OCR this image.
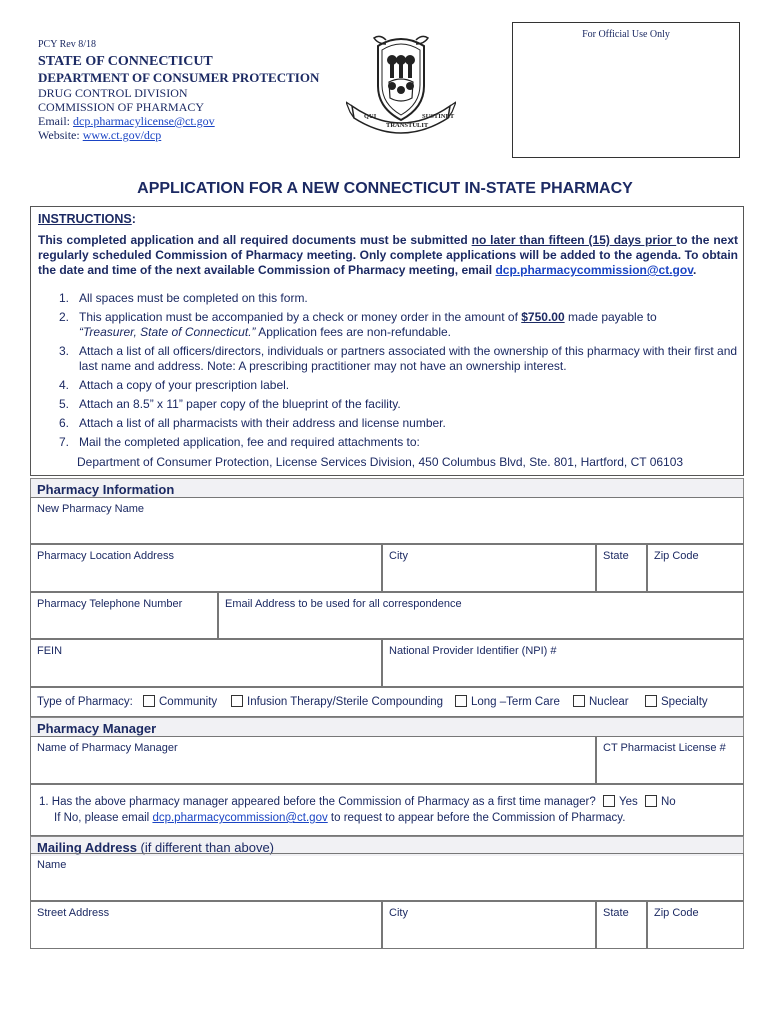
PCY Rev 8/18
STATE OF CONNECTICUT
DEPARTMENT OF CONSUMER PROTECTION
DRUG CONTROL DIVISION
COMMISSION OF PHARMACY
Email: dcp.pharmacylicense@ct.gov
Website: www.ct.gov/dcp
QUI
TRANSTULIT
SUSTINET
For Official Use Only
APPLICATION FOR A NEW CONNECTICUT IN-STATE PHARMACY
INSTRUCTIONS:
This completed application and all required documents must be submitted no later than fifteen (15) days prior to the next regularly scheduled Commission of Pharmacy meeting. Only complete applications will be added to the agenda. To obtain the date and time of the next available Commission of Pharmacy meeting, email dcp.pharmacycommission@ct.gov.
1. All spaces must be completed on this form.
2. This application must be accompanied by a check or money order in the amount of $750.00 made payable to
“Treasurer, State of Connecticut.” Application fees are non-refundable.
3. Attach a list of all officers/directors, individuals or partners associated with the ownership of this pharmacy with their first and last name and address. Note: A prescribing practitioner may not have an ownership interest.
4. Attach a copy of your prescription label.
5. Attach an 8.5” x 11” paper copy of the blueprint of the facility.
6. Attach a list of all pharmacists with their address and license number.
7. Mail the completed application, fee and required attachments to:
Department of Consumer Protection, License Services Division, 450 Columbus Blvd, Ste. 801, Hartford, CT 06103
Pharmacy Information
New Pharmacy Name
Pharmacy Location Address	City	State	Zip Code
Pharmacy Telephone Number	Email Address to be used for all correspondence
FEIN	National Provider Identifier (NPI) #
Type of Pharmacy:	Community	Infusion Therapy/Sterile Compounding	Long –Term Care	Nuclear	Specialty
Pharmacy Manager
Name of Pharmacy Manager	CT Pharmacist License #
1. Has the above pharmacy manager appeared before the Commission of Pharmacy as a first time manager? Yes No
If No, please email dcp.pharmacycommission@ct.gov to request to appear before the Commission of Pharmacy.
Mailing Address (if different than above)
Name
Street Address	City	State	Zip Code
